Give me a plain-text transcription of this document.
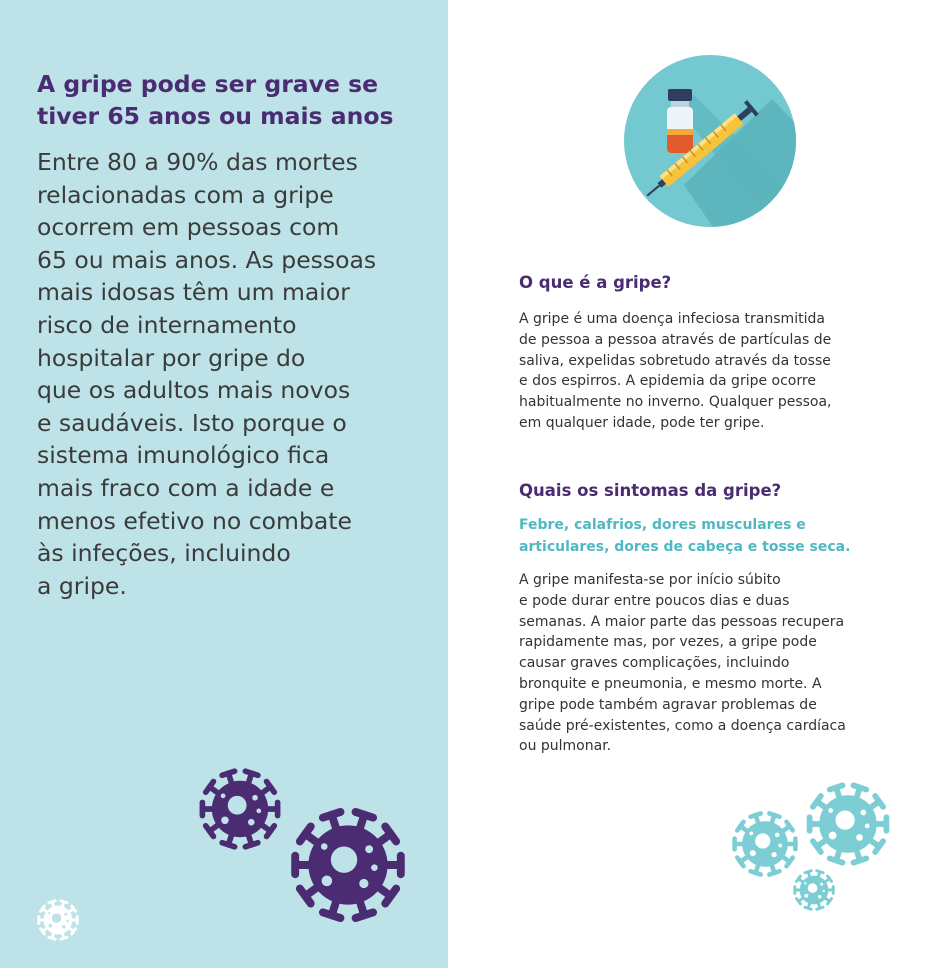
A gripe pode ser grave se
tiver 65 anos ou mais anos
Entre 80 a 90% das mortes
relacionadas com a gripe
ocorrem em pessoas com
65 ou mais anos. As pessoas
mais idosas têm um maior
risco de internamento
hospitalar por gripe do
que os adultos mais novos
e saudáveis. Isto porque o
sistema imunológico fica
mais fraco com a idade e
menos efetivo no combate
às infeções, incluindo
a gripe.
O que é a gripe?

A gripe é uma doença infeciosa transmitida
de pessoa a pessoa através de partículas de
saliva, expelidas sobretudo através da tosse
e dos espirros. A epidemia da gripe ocorre
habitualmente no inverno. Qualquer pessoa,
em qualquer idade, pode ter gripe.

Quais os sintomas da gripe?

Febre, calafrios, dores musculares e
articulares, dores de cabeça e tosse seca.

A gripe manifesta-se por início súbito
e pode durar entre poucos dias e duas
semanas. A maior parte das pessoas recupera
rapidamente mas, por vezes, a gripe pode
causar graves complicações, incluindo
bronquite e pneumonia, e mesmo morte. A
gripe pode também agravar problemas de
saúde pré-existentes, como a doença cardíaca
ou pulmonar.
